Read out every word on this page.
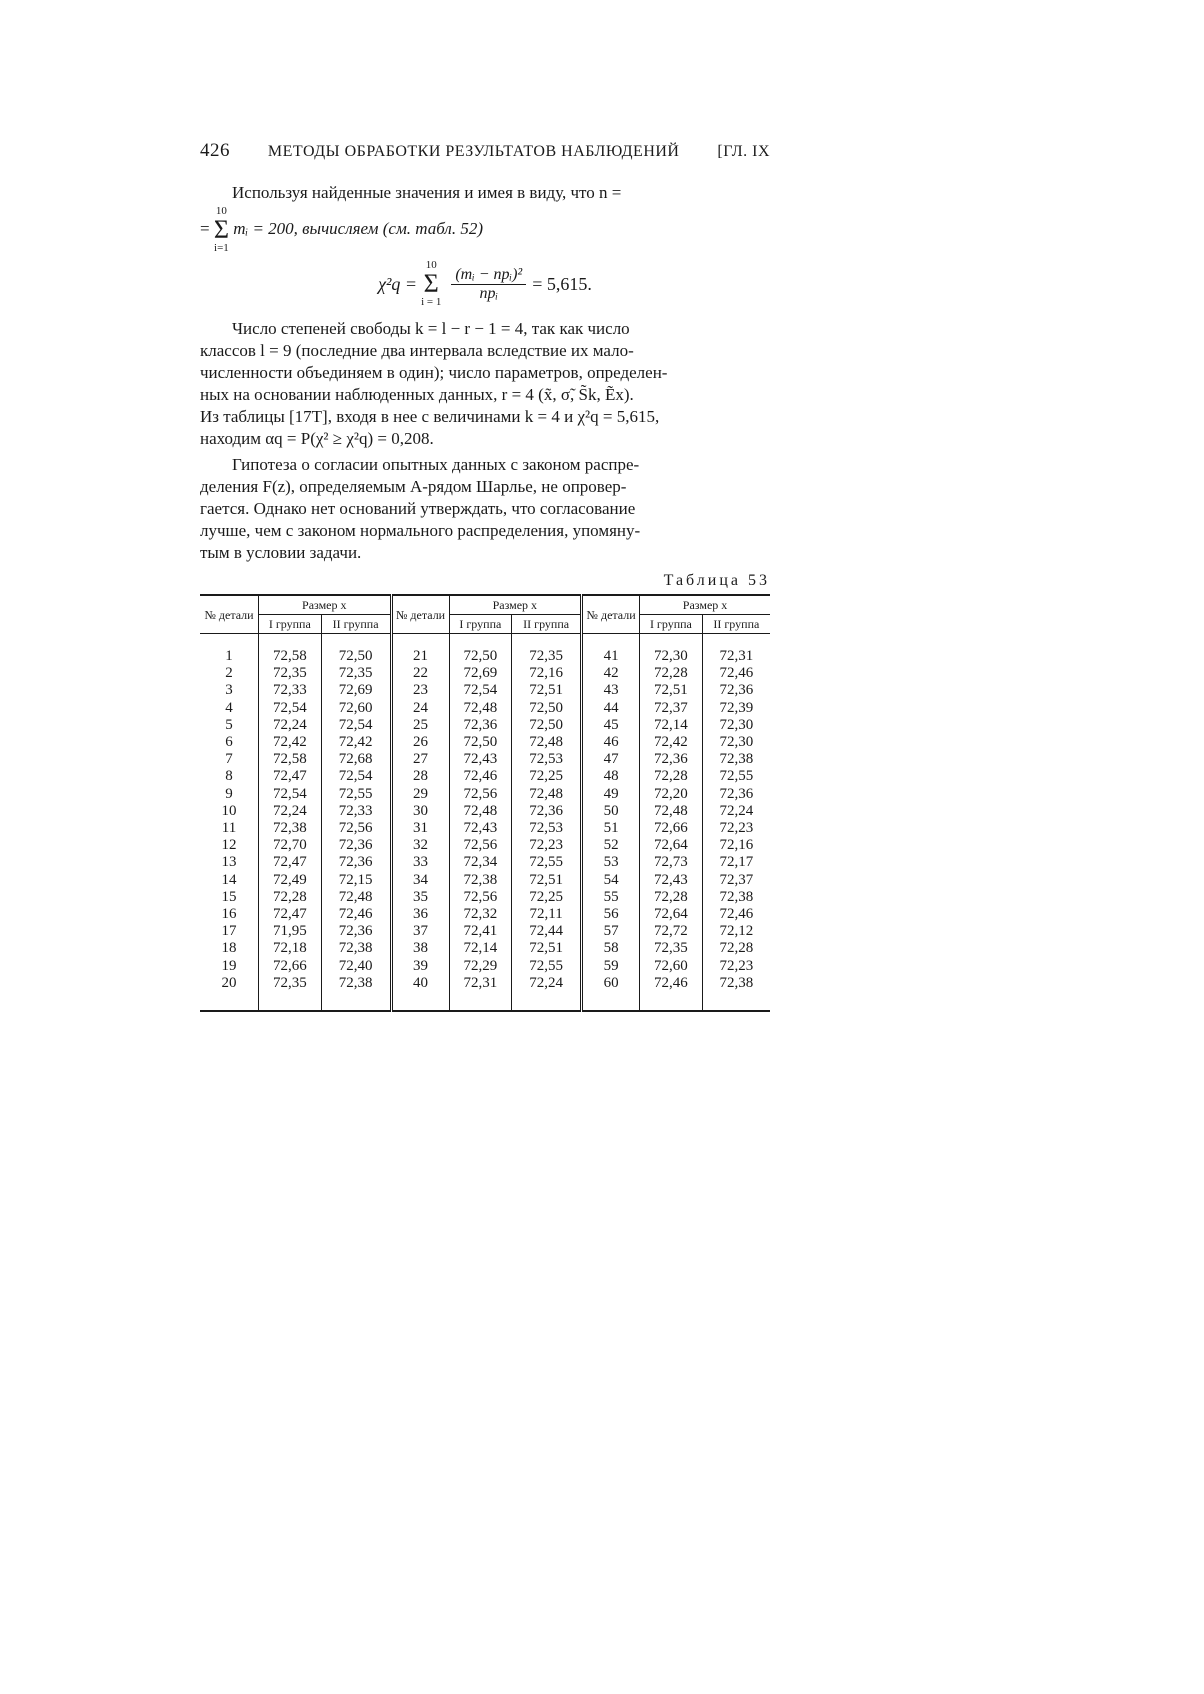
426 МЕТОДЫ ОБРАБОТКИ РЕЗУЛЬТАТОВ НАБЛЮДЕНИЙ [ГЛ. IX

Используя найденные значения и имея в виду, что n =

=
10
Σ
i=1
mᵢ = 200, вычисляем (см. табл. 52)

χ²q =
10
Σ
$i = 1 \frac{\text{(mᵢ − npᵢ)²}}{\text{npᵢ}} = 5,615$.

Число степеней свободы k = l − r − 1 = 4, так как число

классов l = 9 (последние два интервала вследствие их мало-

численности объединяем в один); число параметров, определен-

ных на основании наблюденных данных, r = 4 (x̃, σ̃, S̃k, Ẽx).

Из таблицы [17T], входя в нее с величинами k = 4 и χ²q = 5,615,

находим αq = P(χ² ≥ χ²q) = 0,208.

Гипотеза о согласии опытных данных с законом распре-

деления F(z), определяемым A-рядом Шарлье, не опровер-

гается. Однако нет оснований утверждать, что согласование

лучше, чем с законом нормального распределения, упомяну-

тым в условии задачи.

Таблица 53
№ детали	Размер x		№ детали	Размер x		№ детали	Размер x	
	I группа	II группа		I группа	II группа		I группа	II группа
1	72,58	72,50	21	72,50	72,35	41	72,30	72,31
2	72,35	72,35	22	72,69	72,16	42	72,28	72,46
3	72,33	72,69	23	72,54	72,51	43	72,51	72,36
4	72,54	72,60	24	72,48	72,50	44	72,37	72,39
5	72,24	72,54	25	72,36	72,50	45	72,14	72,30
6	72,42	72,42	26	72,50	72,48	46	72,42	72,30
7	72,58	72,68	27	72,43	72,53	47	72,36	72,38
8	72,47	72,54	28	72,46	72,25	48	72,28	72,55
9	72,54	72,55	29	72,56	72,48	49	72,20	72,36
10	72,24	72,33	30	72,48	72,36	50	72,48	72,24
11	72,38	72,56	31	72,43	72,53	51	72,66	72,23
12	72,70	72,36	32	72,56	72,23	52	72,64	72,16
13	72,47	72,36	33	72,34	72,55	53	72,73	72,17
14	72,49	72,15	34	72,38	72,51	54	72,43	72,37
15	72,28	72,48	35	72,56	72,25	55	72,28	72,38
16	72,47	72,46	36	72,32	72,11	56	72,64	72,46
17	71,95	72,36	37	72,41	72,44	57	72,72	72,12
18	72,18	72,38	38	72,14	72,51	58	72,35	72,28
19	72,66	72,40	39	72,29	72,55	59	72,60	72,23
20	72,35	72,38	40	72,31	72,24	60	72,46	72,38
